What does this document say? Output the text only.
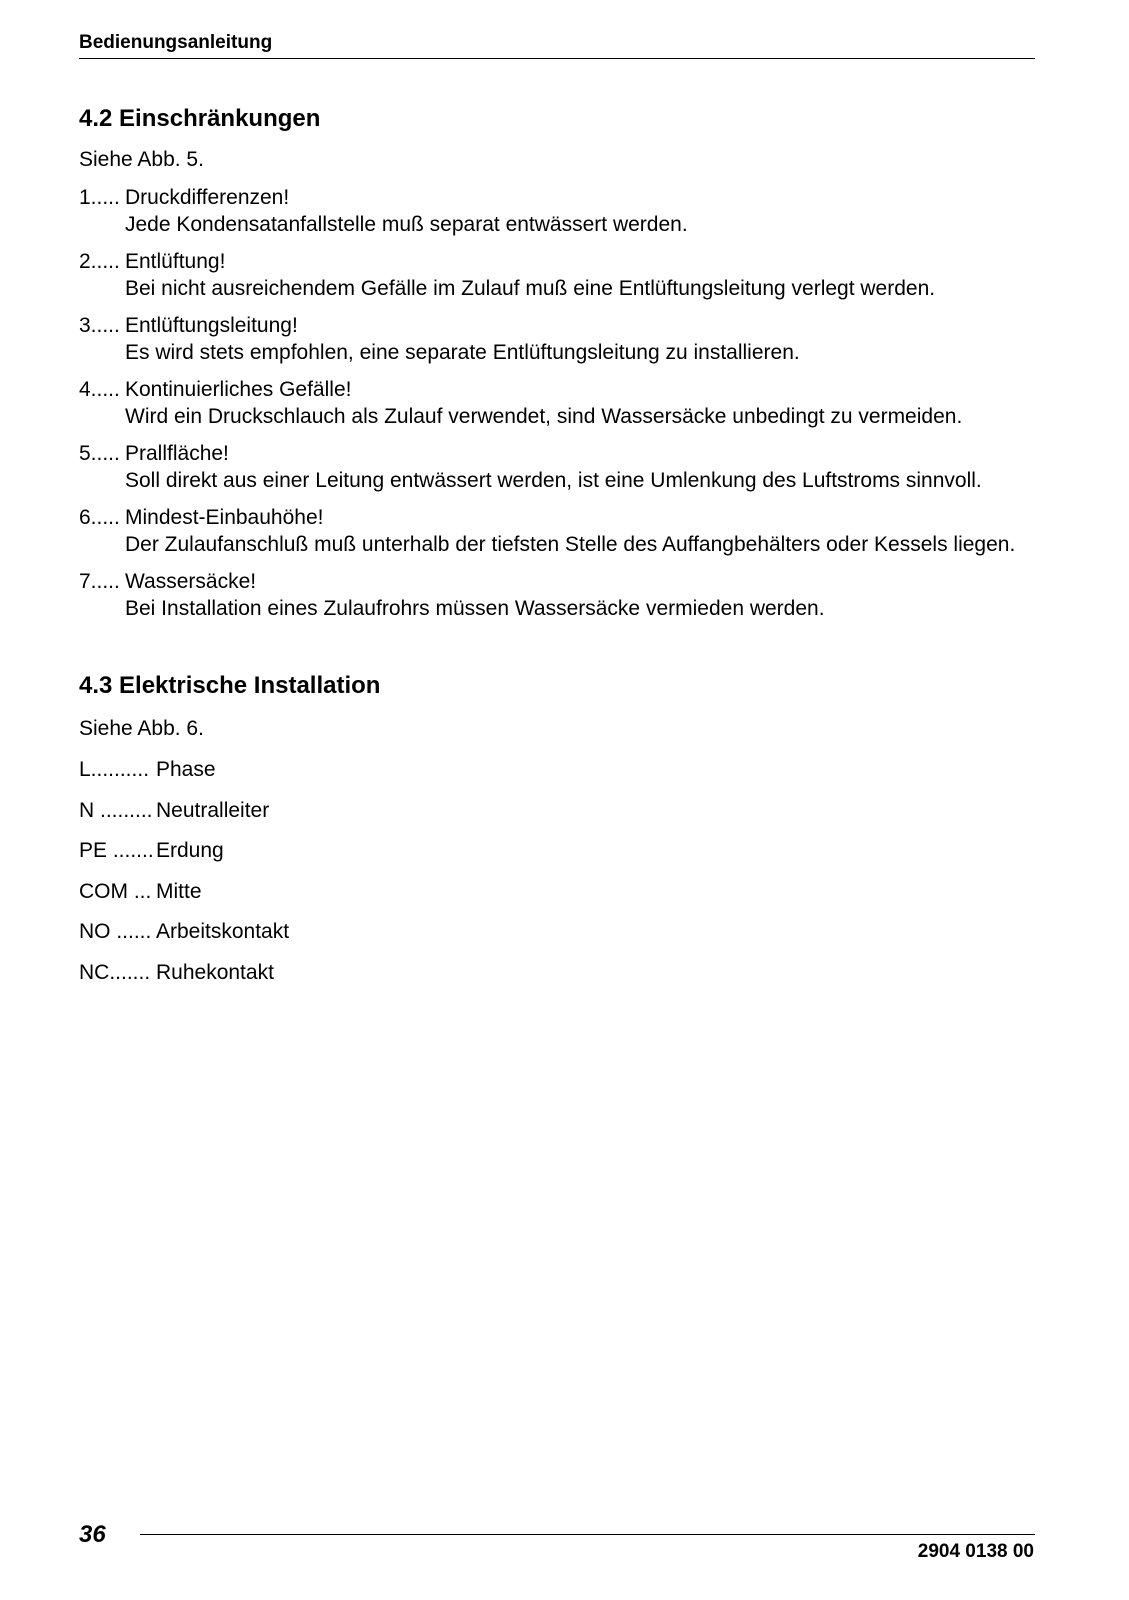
Bedienungsanleitung
4.2 Einschränkungen

Siehe Abb. 5.

1..... Druckdifferenzen!
Jede Kondensatanfallstelle muß separat entwässert werden.
2..... Entlüftung!
Bei nicht ausreichendem Gefälle im Zulauf muß eine Entlüftungsleitung verlegt werden.
3..... Entlüftungsleitung!
Es wird stets empfohlen, eine separate Entlüftungsleitung zu installieren.
4..... Kontinuierliches Gefälle!
Wird ein Druckschlauch als Zulauf verwendet, sind Wassersäcke unbedingt zu vermeiden.
5..... Prallfläche!
Soll direkt aus einer Leitung entwässert werden, ist eine Umlenkung des Luftstroms sinnvoll.
6..... Mindest-Einbauhöhe!
Der Zulaufanschluß muß unterhalb der tiefsten Stelle des Auffangbehälters oder Kessels liegen.
7..... Wassersäcke!
Bei Installation eines Zulaufrohrs müssen Wassersäcke vermieden werden.
4.3 Elektrische Installation

Siehe Abb. 6.

L.......... Phase
N ......... Neutralleiter
PE ....... Erdung
COM ... Mitte
NO ...... Arbeitskontakt
NC....... Ruhekontakt
36
2904 0138 00
